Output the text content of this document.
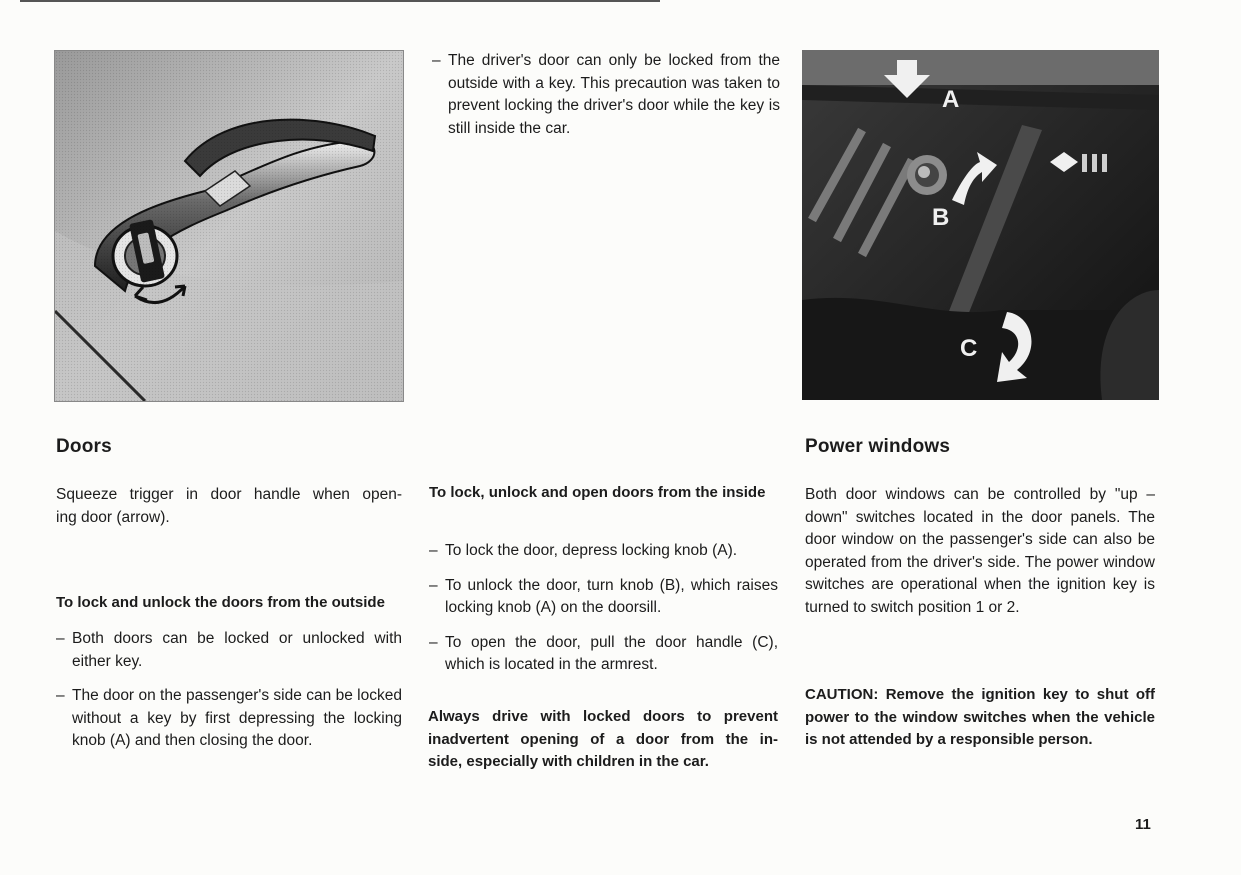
A
B
C
Doors

Squeeze trigger in door handle when open-

ing door (arrow).

To lock and unlock the doors from the outside
– Both doors can be locked or unlocked with either key.
– The door on the passenger's side can be locked without a key by first depressing the locking knob (A) and then closing the door.
– The driver's door can only be locked from the outside with a key. This precaution was taken to prevent locking the driver's door while the key is still inside the car.
To lock, unlock and open doors from the inside
– To lock the door, depress locking knob (A).
– To unlock the door, turn knob (B), which raises locking knob (A) on the doorsill.
– To open the door, pull the door handle (C), which is located in the armrest.

Always drive with locked doors to prevent

inadvertent opening of a door from the in-

side, especially with children in the car.

Power windows
Both door windows can be controlled by "up – down" switches located in the door panels. The door window on the passenger's side can also be operated from the driver's side. The power window switches are operational when the ignition key is turned to switch position 1 or 2.
CAUTION: Remove the ignition key to shut off power to the window switches when the vehicle is not attended by a responsible person.
11
